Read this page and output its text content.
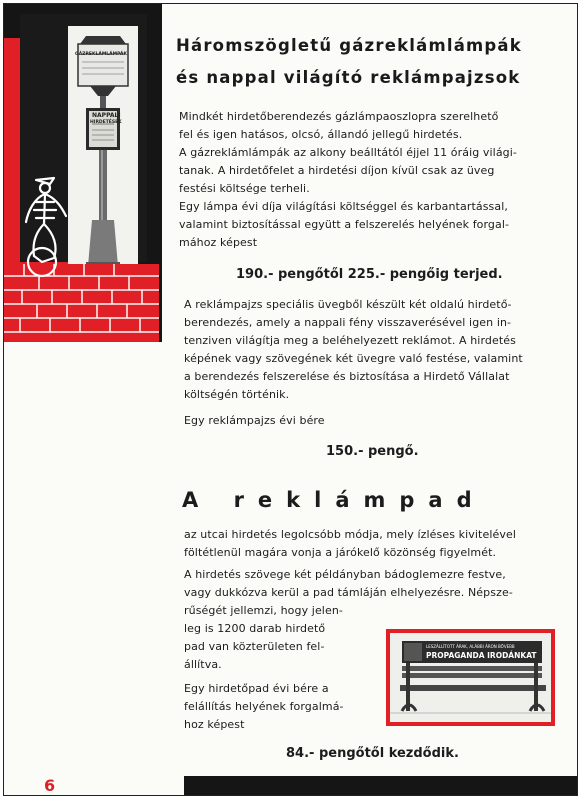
GÁZREKLÁMLÁMPÁK
NAPPALI
HIRDETÉSEK
Háromszögletű gázreklámlámpák
és nappal világító reklámpajzsok

Mindkét hirdetőberendezés gázlámpaoszlopra szerelhető

fel és igen hatásos, olcsó, állandó jellegű hirdetés.

A gázreklámlámpák az alkony beálltától éjjel 11 óráig világi-

tanak. A hirdetőfelet a hirdetési díjon kívül csak az üveg

festési költsége terheli.

Egy lámpa évi díja világítási költséggel és karbantartással,

valamint biztosítással együtt a felszerelés helyének forgal-

mához képest

190.- pengőtől 225.- pengőig terjed.

A reklámpajzs speciális üvegből készült két oldalú hirdető-

berendezés, amely a nappali fény visszaverésével igen in-

tenziven világítja meg a beléhelyezett reklámot. A hirdetés

képének vagy szövegének két üvegre való festése, valamint

a berendezés felszerelése és biztosítása a Hirdető Vállalat

költségén történik.

Egy reklámpajzs évi bére

150.- pengő.

A reklámpad

az utcai hirdetés legolcsóbb módja, mely ízléses kivitelével

föltétlenül magára vonja a járókelő közönség figyelmét.

A hirdetés szövege két példányban bádoglemezre festve,

vagy dukkózva kerül a pad támláján elhelyezésre. Népsze-

rűségét jellemzi, hogy jelen-

leg is 1200 darab hirdető

pad van közterületen fel-

állítva.

Egy hirdetőpad évi bére a

felállítás helyének forgalmá-

hoz képest

LESZÁLLÍTOTT ÁRAK, ALÁBBI ÁRON BŐVEBB
PROPAGANDA IRODÁNKAT

84.- pengőtől kezdődik.

6
